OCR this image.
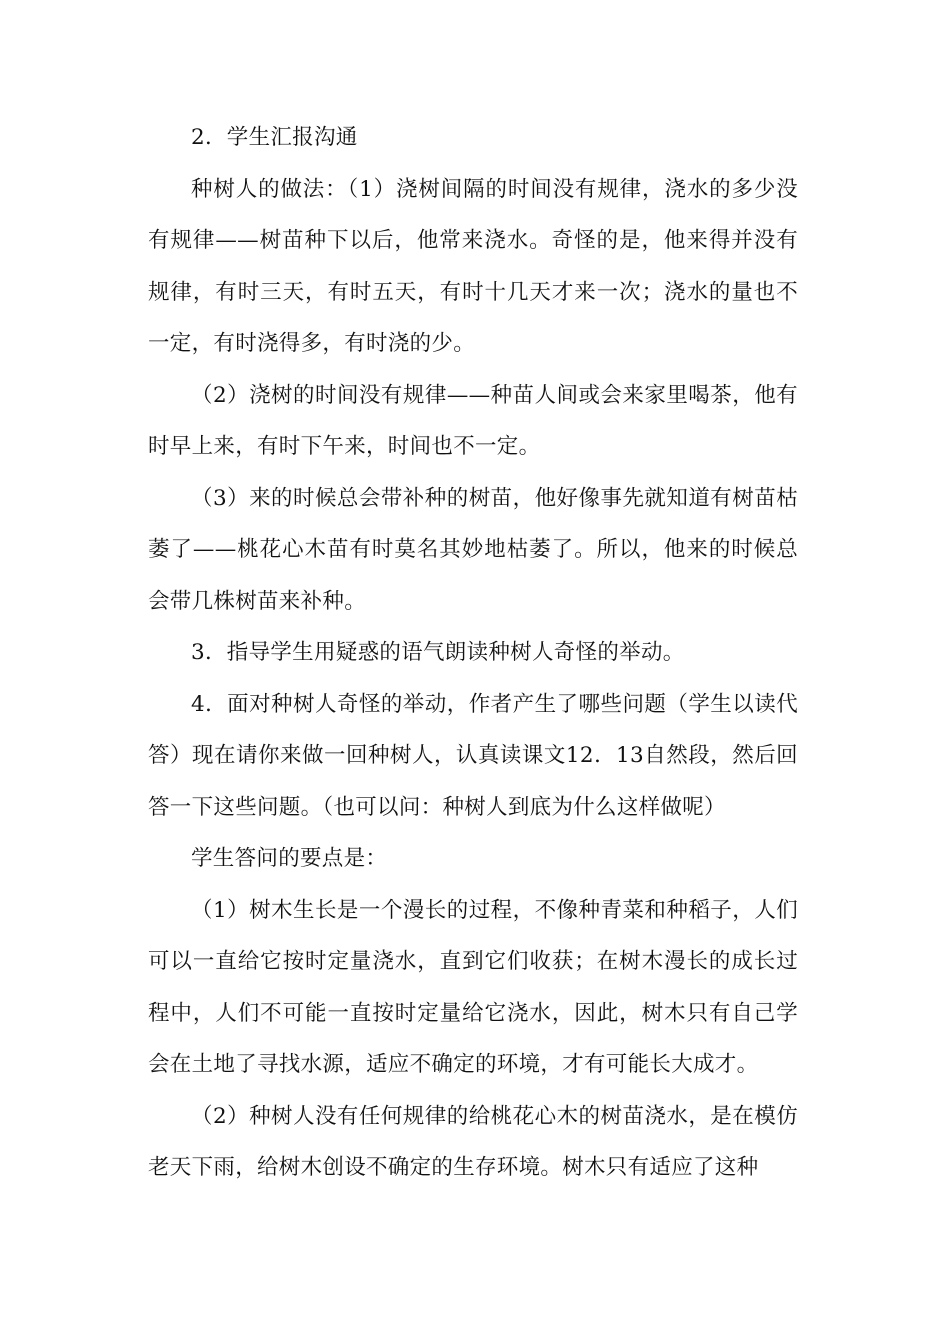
2．学生汇报沟通

种树人的做法：（1）浇树间隔的时间没有规律，浇水的多少没有规律——树苗种下以后，他常来浇水。奇怪的是，他来得并没有规律，有时三天，有时五天，有时十几天才来一次；浇水的量也不一定，有时浇得多，有时浇的少。

（2）浇树的时间没有规律——种苗人间或会来家里喝茶，他有时早上来，有时下午来，时间也不一定。

（3）来的时候总会带补种的树苗，他好像事先就知道有树苗枯萎了——桃花心木苗有时莫名其妙地枯萎了。所以，他来的时候总会带几株树苗来补种。

3．指导学生用疑惑的语气朗读种树人奇怪的举动。

4．面对种树人奇怪的举动，作者产生了哪些问题（学生以读代答）现在请你来做一回种树人，认真读课文12．13自然段，然后回答一下这些问题。（也可以问：种树人到底为什么这样做呢）

学生答问的要点是：

（1）树木生长是一个漫长的过程，不像种青菜和种稻子，人们可以一直给它按时定量浇水，直到它们收获；在树木漫长的成长过程中，人们不可能一直按时定量给它浇水，因此，树木只有自己学会在土地了寻找水源，适应不确定的环境，才有可能长大成才。

（2）种树人没有任何规律的给桃花心木的树苗浇水，是在模仿老天下雨，给树木创设不确定的生存环境。树木只有适应了这种
